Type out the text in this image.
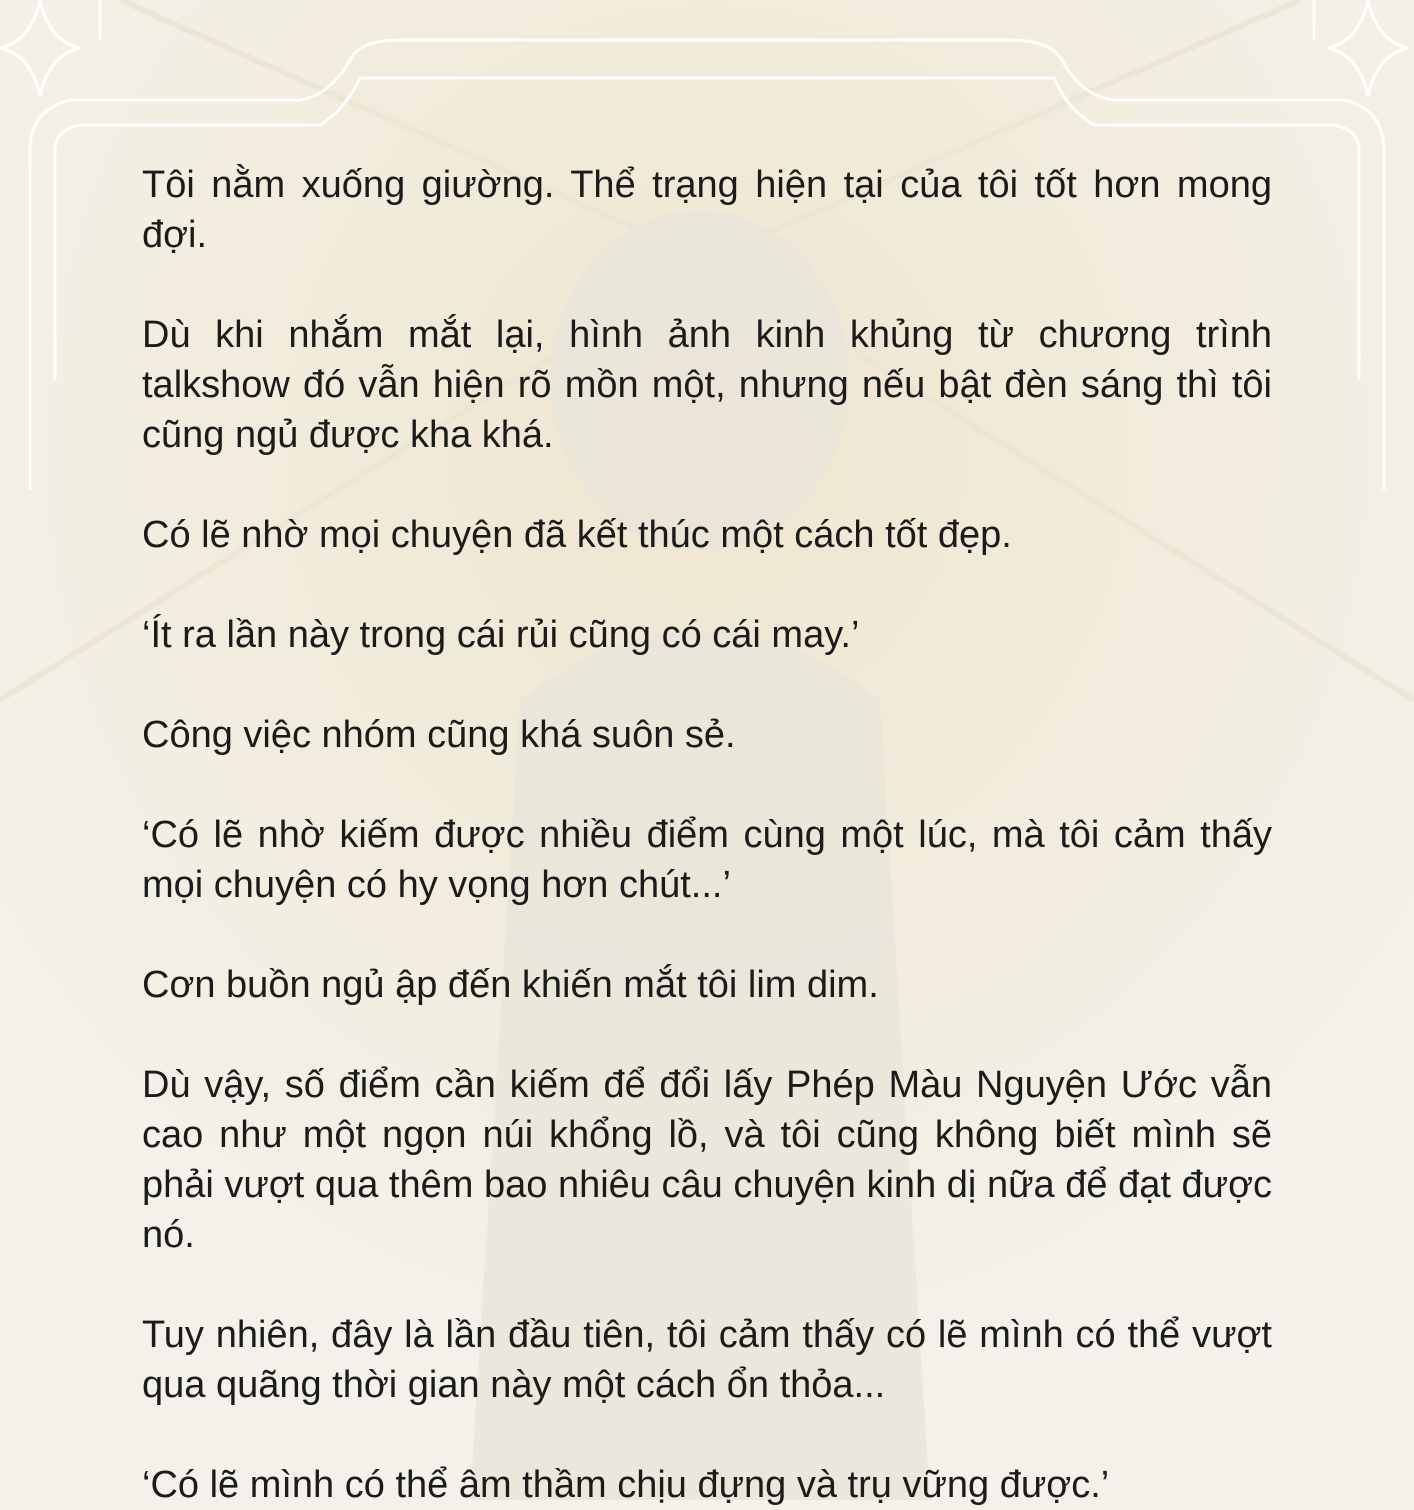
Tôi nằm xuống giường. Thể trạng hiện tại của tôi tốt hơn mong đợi.

Dù khi nhắm mắt lại, hình ảnh kinh khủng từ chương trình talkshow đó vẫn hiện rõ mồn một, nhưng nếu bật đèn sáng thì tôi cũng ngủ được kha khá.

Có lẽ nhờ mọi chuyện đã kết thúc một cách tốt đẹp.

‘Ít ra lần này trong cái rủi cũng có cái may.’

Công việc nhóm cũng khá suôn sẻ.

‘Có lẽ nhờ kiếm được nhiều điểm cùng một lúc, mà tôi cảm thấy mọi chuyện có hy vọng hơn chút...’

Cơn buồn ngủ ập đến khiến mắt tôi lim dim.

Dù vậy, số điểm cần kiếm để đổi lấy Phép Màu Nguyện Ước vẫn cao như một ngọn núi khổng lồ, và tôi cũng không biết mình sẽ phải vượt qua thêm bao nhiêu câu chuyện kinh dị nữa để đạt được nó.

Tuy nhiên, đây là lần đầu tiên, tôi cảm thấy có lẽ mình có thể vượt qua quãng thời gian này một cách ổn thỏa...

‘Có lẽ mình có thể âm thầm chịu đựng và trụ vững được.’
